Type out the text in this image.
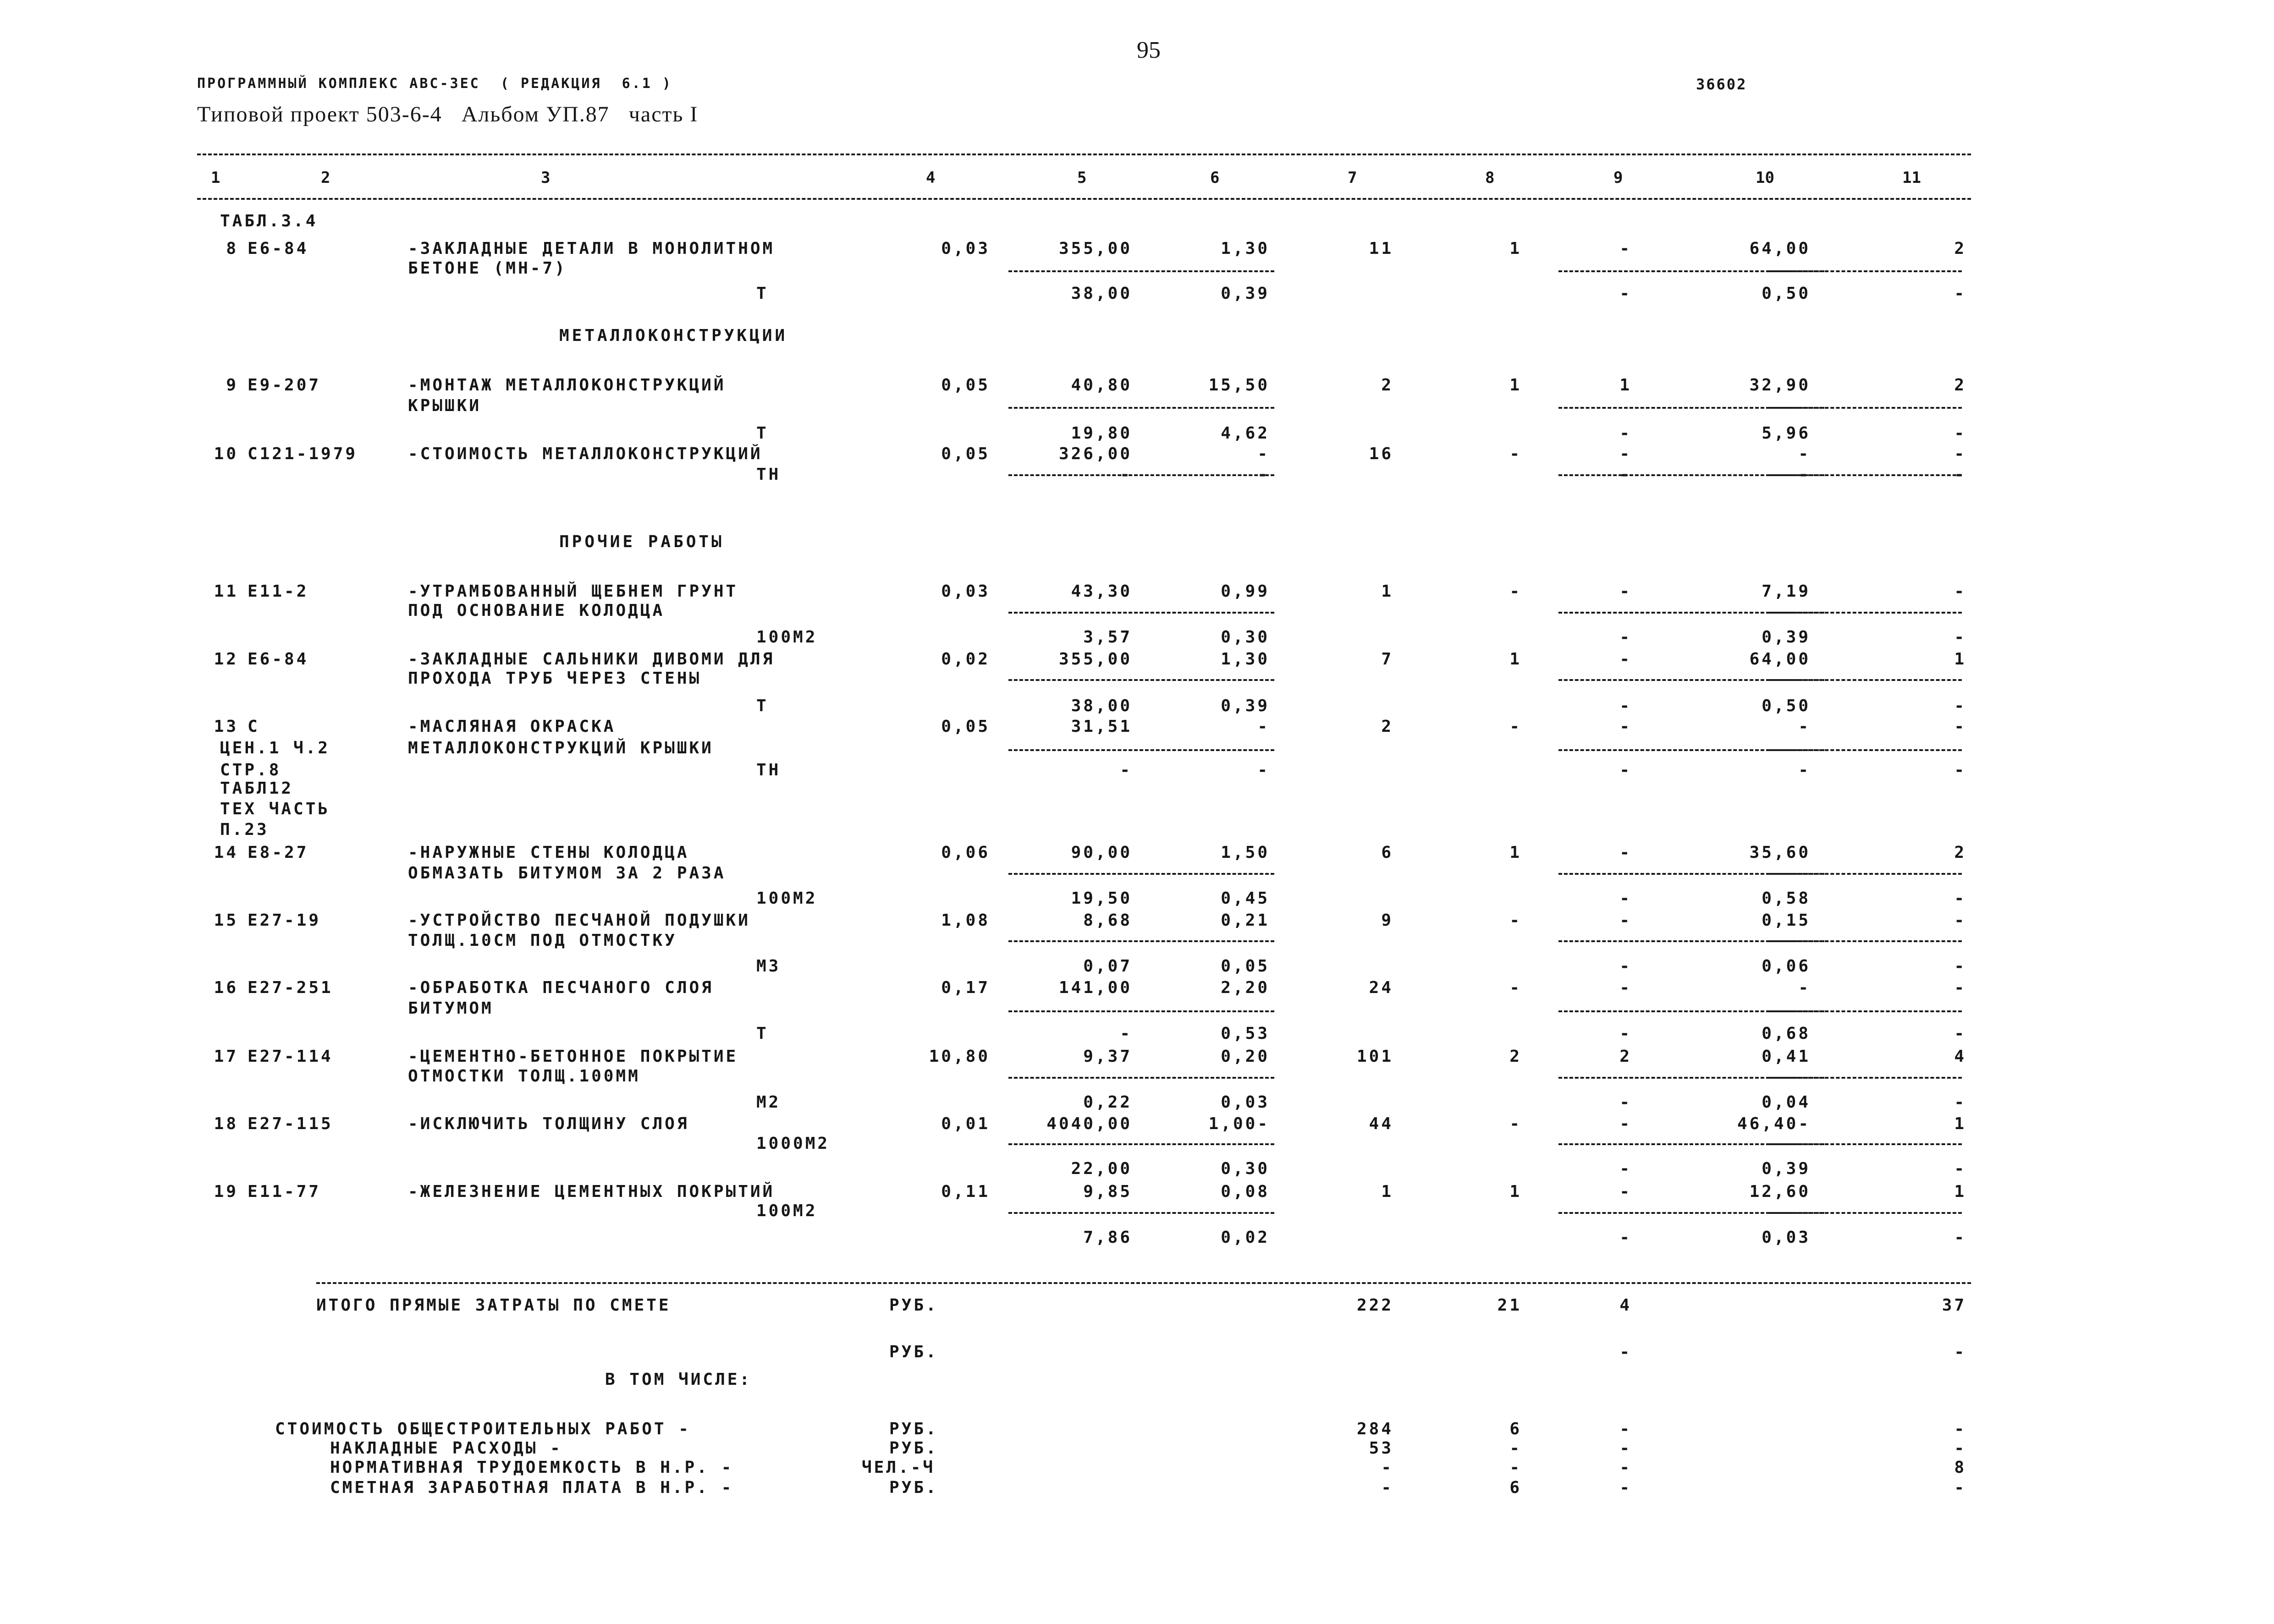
95
ПРОГРАММНЫЙ КОМПЛЕКС АВС-ЗЕС  ( РЕДАКЦИЯ  6.1 )	36602
Типовой проект 503-6-4   Альбом УП.87   часть I
1	2	3	4	5	6	7	8	9	10	11
МЕТАЛЛОКОНСТРУКЦИИ
ПРОЧИЕ РАБОТЫ
ТАБЛ.3.4
8 Е6-84	-ЗАКЛАДНЫЕ ДЕТАЛИ В МОНОЛИТНОМ	0,03	355,00	1,30	11	1	-	64,00	2
БЕТОНЕ (МН-7)
Т	38,00	0,39	-	0,50	-
9 Е9-207	-МОНТАЖ МЕТАЛЛОКОНСТРУКЦИЙ	0,05	40,80	15,50	2	1	1	32,90	2
КРЫШКИ
Т	19,80	4,62	-	5,96	-
10 С121-1979	-СТОИМОСТЬ МЕТАЛЛОКОНСТРУКЦИЙ	0,05	326,00	-	16	-	-	-	-
ТН	-	-	-	-	-
11 Е11-2	-УТРАМБОВАННЫЙ ЩЕБНЕМ ГРУНТ	0,03	43,30	0,99	1	-	-	7,19	-
ПОД ОСНОВАНИЕ КОЛОДЦА
100М2	3,57	0,30	-	0,39	-
12 Е6-84	-ЗАКЛАДНЫЕ САЛЬНИКИ ДИВОМИ ДЛЯ	0,02	355,00	1,30	7	1	-	64,00	1
ПРОХОДА ТРУБ ЧЕРЕЗ СТЕНЫ
Т	38,00	0,39	-	0,50	-
13 С	-МАСЛЯНАЯ ОКРАСКА	0,05	31,51	-	2	-	-	-	-
ЦЕН.1 Ч.2	МЕТАЛЛОКОНСТРУКЦИЙ КРЫШКИ
СТР.8	ТН	-	-	-	-	-
ТАБЛ12
ТЕХ ЧАСТЬ
П.23
14 Е8-27	-НАРУЖНЫЕ СТЕНЫ КОЛОДЦА	0,06	90,00	1,50	6	1	-	35,60	2
ОБМАЗАТЬ БИТУМОМ ЗА 2 РАЗА
100М2	19,50	0,45	-	0,58	-
15 Е27-19	-УСТРОЙСТВО ПЕСЧАНОЙ ПОДУШКИ	1,08	8,68	0,21	9	-	-	0,15	-
ТОЛЩ.10СМ ПОД ОТМОСТКУ
М3	0,07	0,05	-	0,06	-
16 Е27-251	-ОБРАБОТКА ПЕСЧАНОГО СЛОЯ	0,17	141,00	2,20	24	-	-	-	-
БИТУМОМ
Т	-	0,53	-	0,68	-
17 Е27-114	-ЦЕМЕНТНО-БЕТОННОЕ ПОКРЫТИЕ	10,80	9,37	0,20	101	2	2	0,41	4
ОТМОСТКИ ТОЛЩ.100ММ
М2	0,22	0,03	-	0,04	-
18 Е27-115	-ИСКЛЮЧИТЬ ТОЛЩИНУ СЛОЯ	0,01	4040,00	1,00-	44	-	-	46,40-	1
1000М2
22,00	0,30	-	0,39	-
19 Е11-77	-ЖЕЛЕЗНЕНИЕ ЦЕМЕНТНЫХ ПОКРЫТИЙ	0,11	9,85	0,08	1	1	-	12,60	1
100М2
7,86	0,02	-	0,03	-
ИТОГО ПРЯМЫЕ ЗАТРАТЫ ПО СМЕТЕ	РУБ.	222	21	4	37
РУБ.	-	-
В ТОМ ЧИСЛЕ:
СТОИМОСТЬ ОБЩЕСТРОИТЕЛЬНЫХ РАБОТ -	РУБ.	284	6	-	-
НАКЛАДНЫЕ РАСХОДЫ -	РУБ.	53	-	-	-
НОРМАТИВНАЯ ТРУДОЕМКОСТЬ В Н.Р. -	ЧЕЛ.-Ч	-	-	-	8
СМЕТНАЯ ЗАРАБОТНАЯ ПЛАТА В Н.Р. -	РУБ.	-	6	-	-
